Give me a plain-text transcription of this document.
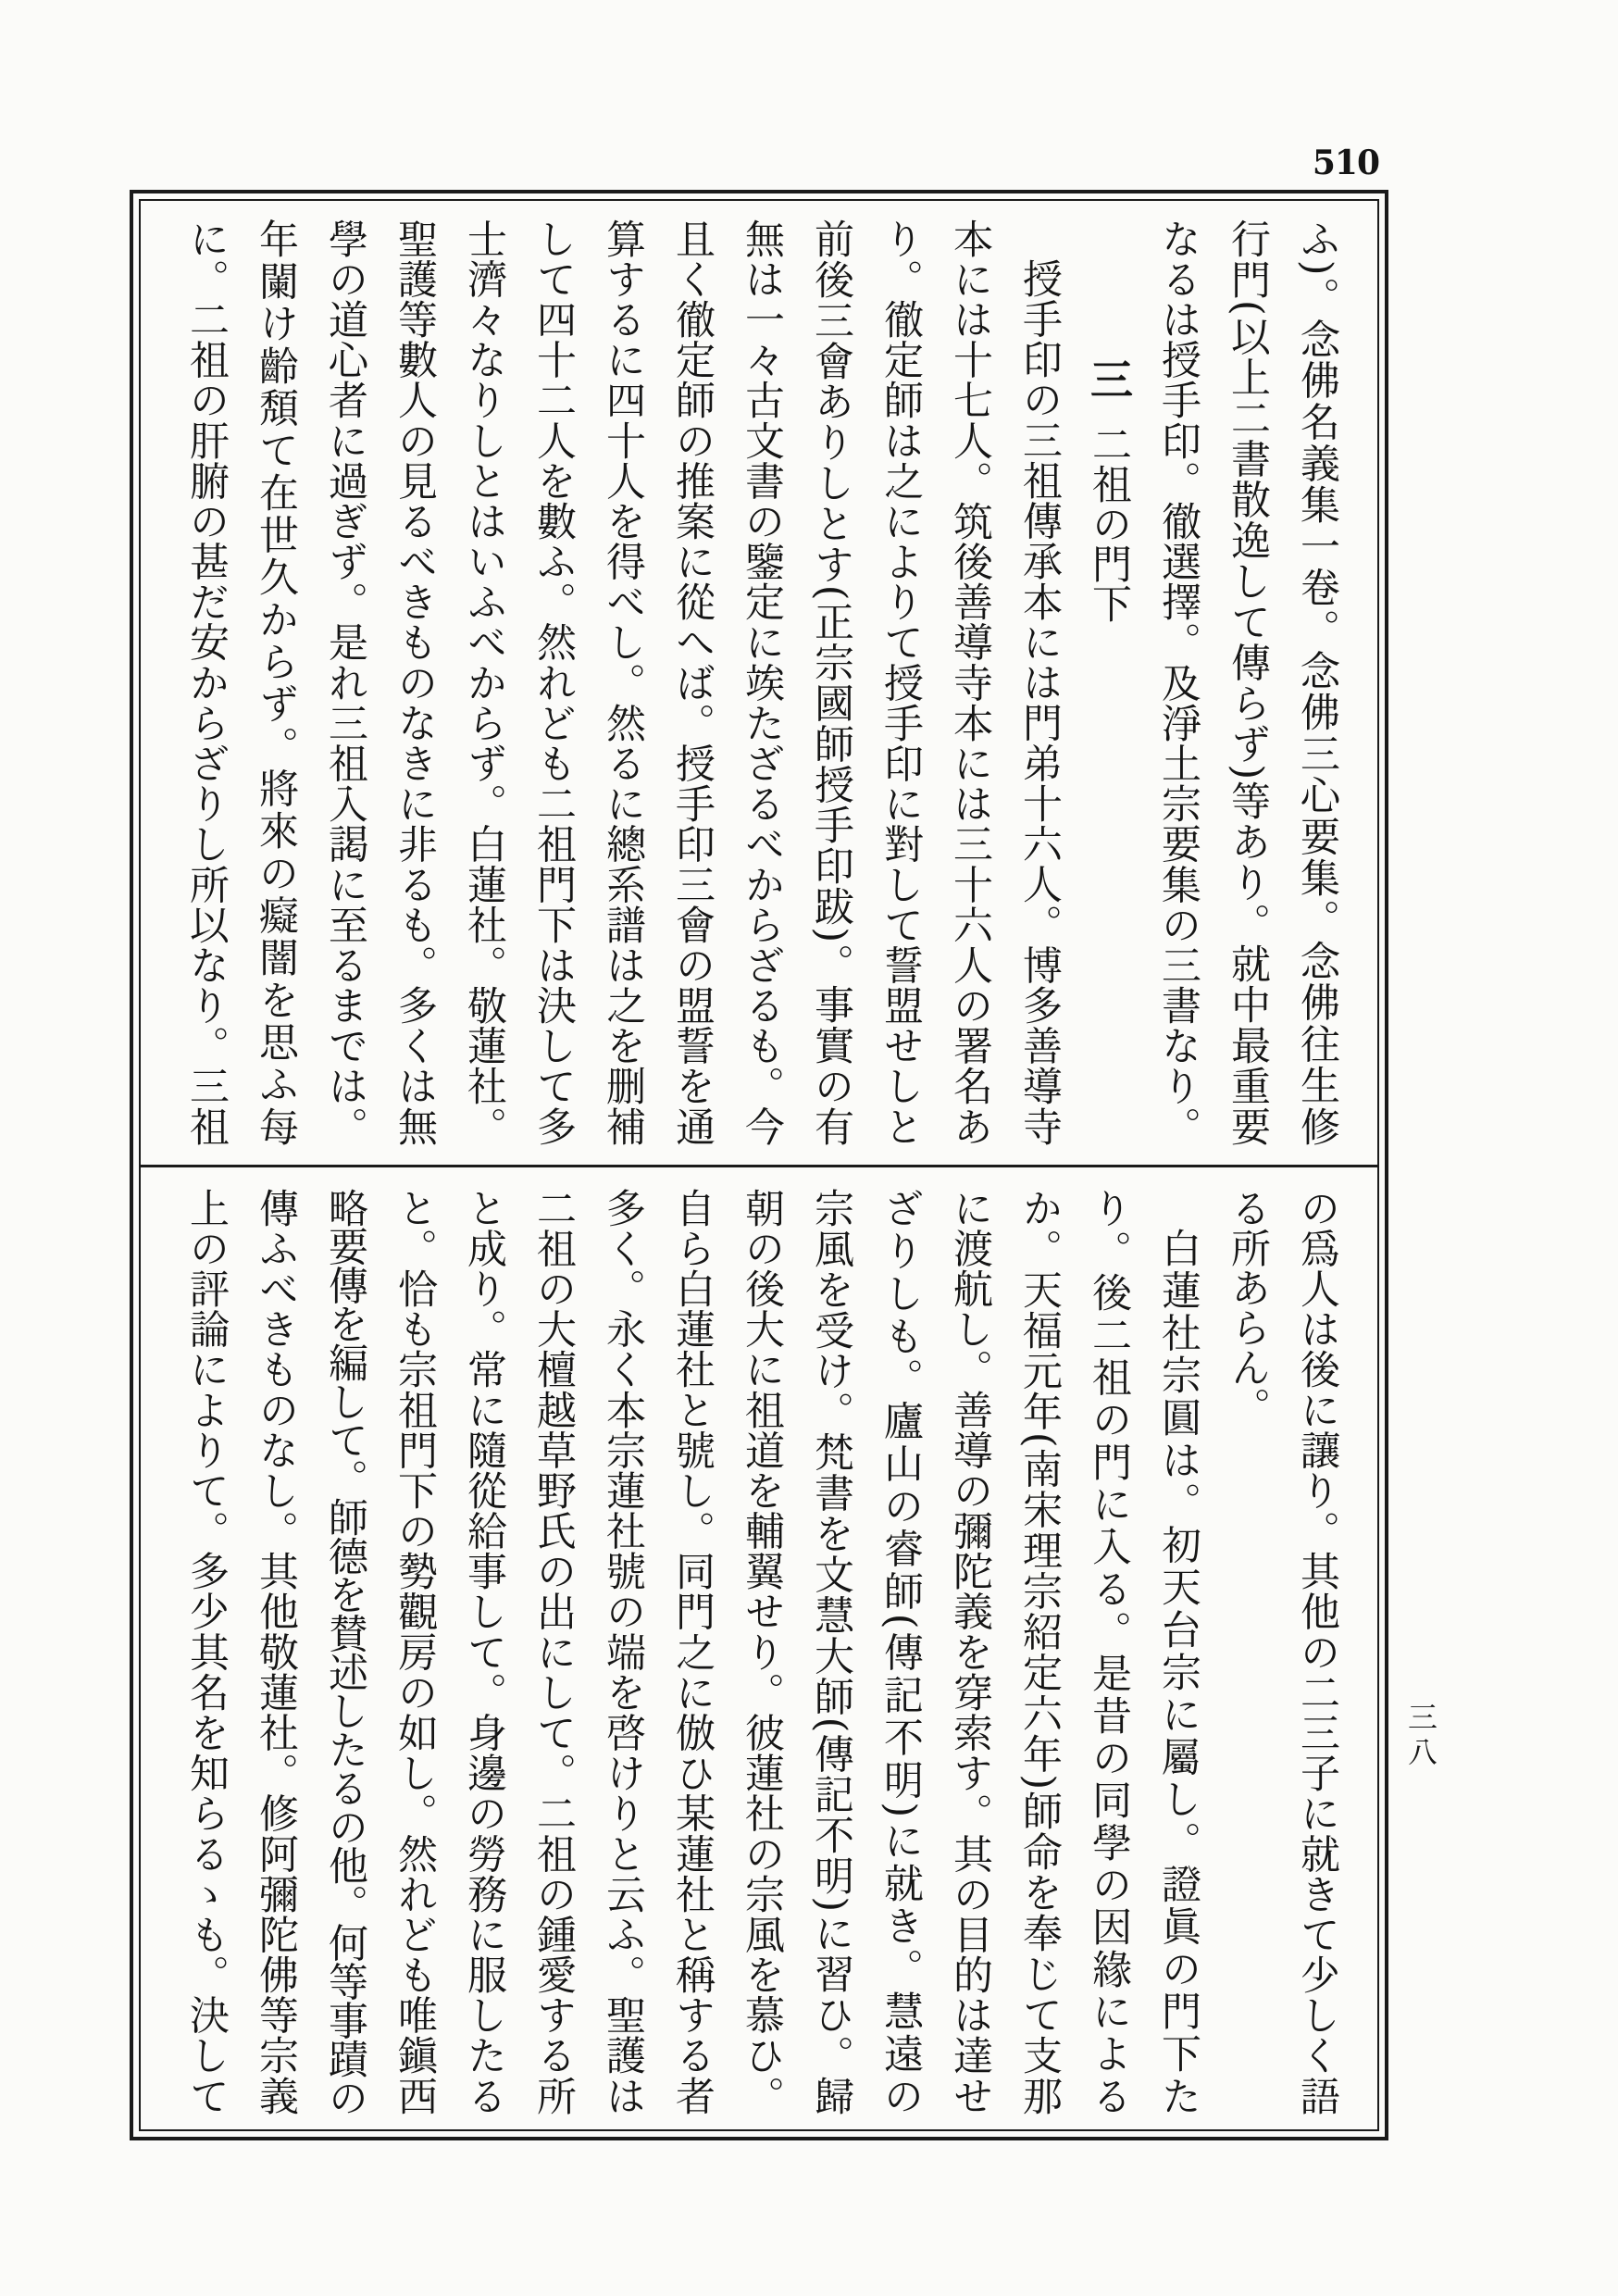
510
三八
ふ)。念佛名義集一卷。念佛三心要集。念佛往生修
行門(以上二書散逸して傳らず)等あり。就中最重要
なるは授手印。徹選擇。及淨土宗要集の三書なり。
三二祖の門下
授手印の三祖傳承本には門弟十六人。博多善導寺
本には十七人。筑後善導寺本には三十六人の署名あ
り。徹定師は之によりて授手印に對して誓盟せしと
前後三會ありしとす(正宗國師授手印跋)。事實の有
無は一々古文書の鑒定に竢たざるべからざるも。今
且く徹定師の推案に從へば。授手印三會の盟誓を通
算するに四十人を得べし。然るに總系譜は之を删補
して四十二人を數ふ。然れども二祖門下は決して多
士濟々なりしとはいふべからず。白蓮社。敬蓮社。
聖護等數人の見るべきものなきに非るも。多くは無
學の道心者に過ぎず。是れ三祖入謁に至るまでは。
年闌け齡頽て在世久からず。將來の癡闇を思ふ每
に。二祖の肝腑の甚だ安からざりし所以なり。三祖
の爲人は後に讓り。其他の二三子に就きて少しく語
る所あらん。
白蓮社宗圓は。初天台宗に屬し。證眞の門下た
り。後二祖の門に入る。是昔の同學の因緣による
か。天福元年(南宋理宗紹定六年)師命を奉じて支那
に渡航し。善導の彌陀義を穿索す。其の目的は達せ
ざりしも。廬山の睿師(傳記不明)に就き。慧遠の
宗風を受け。梵書を文慧大師(傳記不明)に習ひ。歸
朝の後大に祖道を輔翼せり。彼蓮社の宗風を慕ひ。
自ら白蓮社と號し。同門之に倣ひ某蓮社と稱する者
多く。永く本宗蓮社號の端を啓けりと云ふ。聖護は
二祖の大檀越草野氏の出にして。二祖の鍾愛する所
と成り。常に隨從給事して。身邊の勞務に服したる
と。恰も宗祖門下の勢觀房の如し。然れども唯鎭西
略要傳を編して。師德を賛述したるの他。何等事蹟の
傳ふべきものなし。其他敬蓮社。修阿彌陀佛等宗義
上の評論によりて。多少其名を知らるゝも。決して
